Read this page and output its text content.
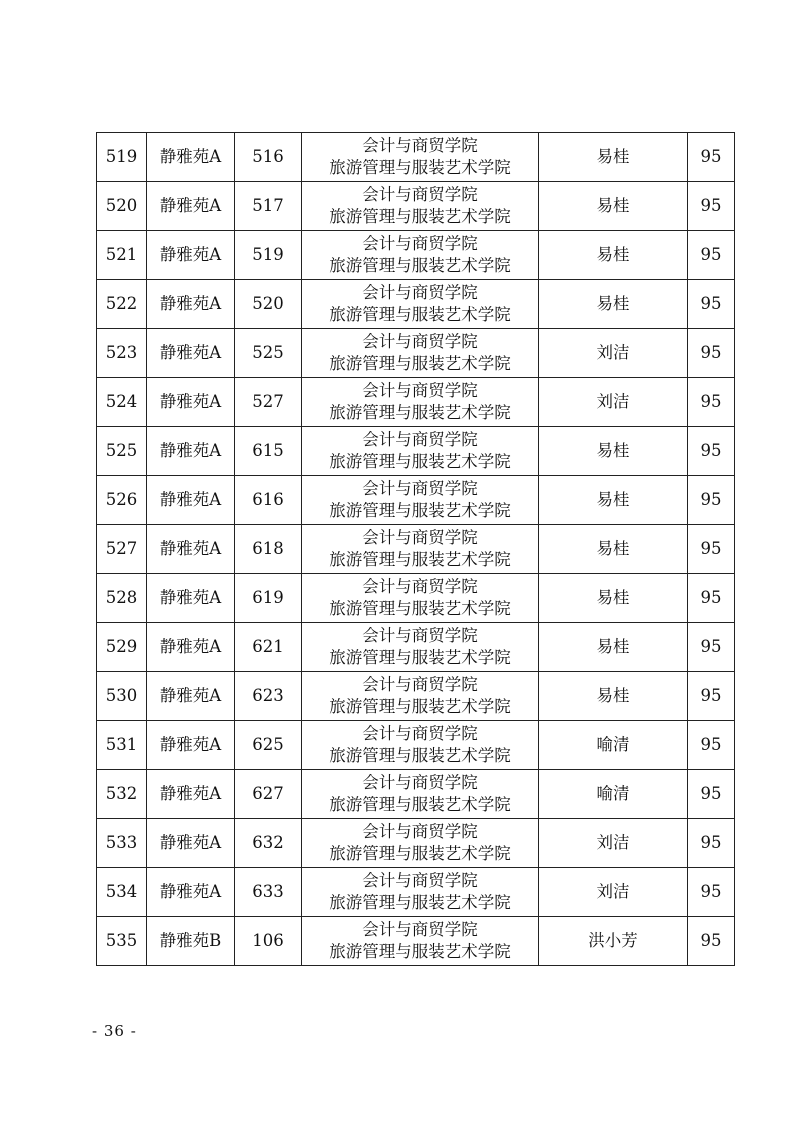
519	静雅苑A	516	会计与商贸学院
旅游管理与服装艺术学院	易桂	95
520	静雅苑A	517	会计与商贸学院
旅游管理与服装艺术学院	易桂	95
521	静雅苑A	519	会计与商贸学院
旅游管理与服装艺术学院	易桂	95
522	静雅苑A	520	会计与商贸学院
旅游管理与服装艺术学院	易桂	95
523	静雅苑A	525	会计与商贸学院
旅游管理与服装艺术学院	刘洁	95
524	静雅苑A	527	会计与商贸学院
旅游管理与服装艺术学院	刘洁	95
525	静雅苑A	615	会计与商贸学院
旅游管理与服装艺术学院	易桂	95
526	静雅苑A	616	会计与商贸学院
旅游管理与服装艺术学院	易桂	95
527	静雅苑A	618	会计与商贸学院
旅游管理与服装艺术学院	易桂	95
528	静雅苑A	619	会计与商贸学院
旅游管理与服装艺术学院	易桂	95
529	静雅苑A	621	会计与商贸学院
旅游管理与服装艺术学院	易桂	95
530	静雅苑A	623	会计与商贸学院
旅游管理与服装艺术学院	易桂	95
531	静雅苑A	625	会计与商贸学院
旅游管理与服装艺术学院	喻清	95
532	静雅苑A	627	会计与商贸学院
旅游管理与服装艺术学院	喻清	95
533	静雅苑A	632	会计与商贸学院
旅游管理与服装艺术学院	刘洁	95
534	静雅苑A	633	会计与商贸学院
旅游管理与服装艺术学院	刘洁	95
535	静雅苑B	106	会计与商贸学院
旅游管理与服装艺术学院	洪小芳	95
- 36 -
